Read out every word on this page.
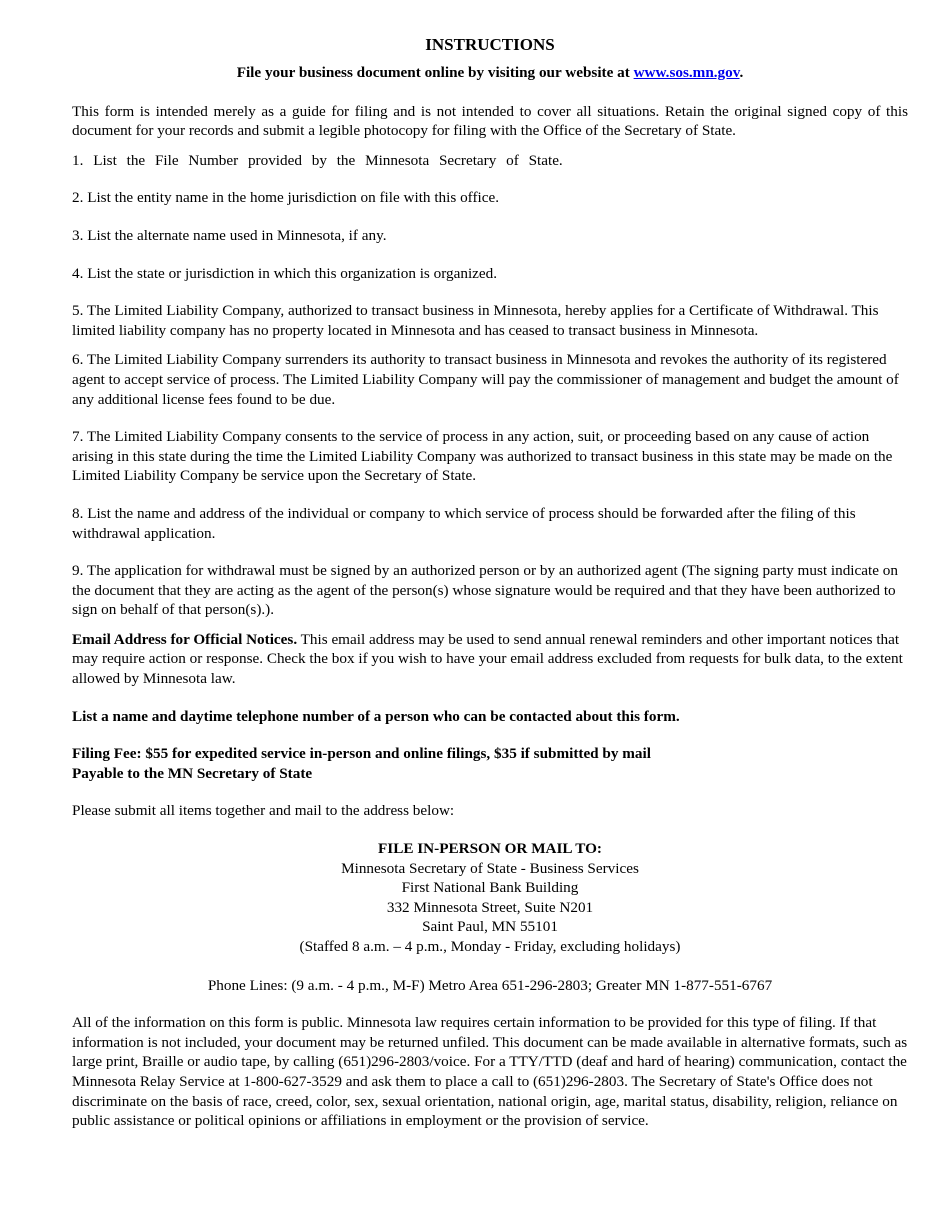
INSTRUCTIONS

File your business document online by visiting our website at www.sos.mn.gov.

This form is intended merely as a guide for filing and is not intended to cover all situations. Retain the original signed copy of this document for your records and submit a legible photocopy for filing with the Office of the Secretary of State.

1. List the File Number provided by the Minnesota Secretary of State.

2. List the entity name in the home jurisdiction on file with this office.

3. List the alternate name used in Minnesota, if any.

4. List the state or jurisdiction in which this organization is organized.

5. The Limited Liability Company, authorized to transact business in Minnesota, hereby applies for a Certificate of Withdrawal. This limited liability company has no property located in Minnesota and has ceased to transact business in Minnesota.

6. The Limited Liability Company surrenders its authority to transact business in Minnesota and revokes the authority of its registered agent to accept service of process. The Limited Liability Company will pay the commissioner of management and budget the amount of any additional license fees found to be due.

7. The Limited Liability Company consents to the service of process in any action, suit, or proceeding based on any cause of action arising in this state during the time the Limited Liability Company was authorized to transact business in this state may be made on the Limited Liability Company be service upon the Secretary of State.

8. List the name and address of the individual or company to which service of process should be forwarded after the filing of this withdrawal application.

9. The application for withdrawal must be signed by an authorized person or by an authorized agent (The signing party must indicate on the document that they are acting as the agent of the person(s) whose signature would be required and that they have been authorized to sign on behalf of that person(s).).

Email Address for Official Notices. This email address may be used to send annual renewal reminders and other important notices that may require action or response. Check the box if you wish to have your email address excluded from requests for bulk data, to the extent allowed by Minnesota law.

List a name and daytime telephone number of a person who can be contacted about this form.

Filing Fee: $55 for expedited service in-person and online filings, $35 if submitted by mail

Payable to the MN Secretary of State

Please submit all items together and mail to the address below:

FILE IN-PERSON OR MAIL TO:

Minnesota Secretary of State - Business Services

First National Bank Building

332 Minnesota Street, Suite N201

Saint Paul, MN 55101

(Staffed 8 a.m. – 4 p.m., Monday - Friday, excluding holidays)

Phone Lines: (9 a.m. - 4 p.m., M-F) Metro Area 651-296-2803; Greater MN 1-877-551-6767

All of the information on this form is public. Minnesota law requires certain information to be provided for this type of filing. If that information is not included, your document may be returned unfiled. This document can be made available in alternative formats, such as large print, Braille or audio tape, by calling (651)296-2803/voice. For a TTY/TTD (deaf and hard of hearing) communication, contact the Minnesota Relay Service at 1-800-627-3529 and ask them to place a call to (651)296-2803. The Secretary of State's Office does not discriminate on the basis of race, creed, color, sex, sexual orientation, national origin, age, marital status, disability, religion, reliance on public assistance or political opinions or affiliations in employment or the provision of service.
